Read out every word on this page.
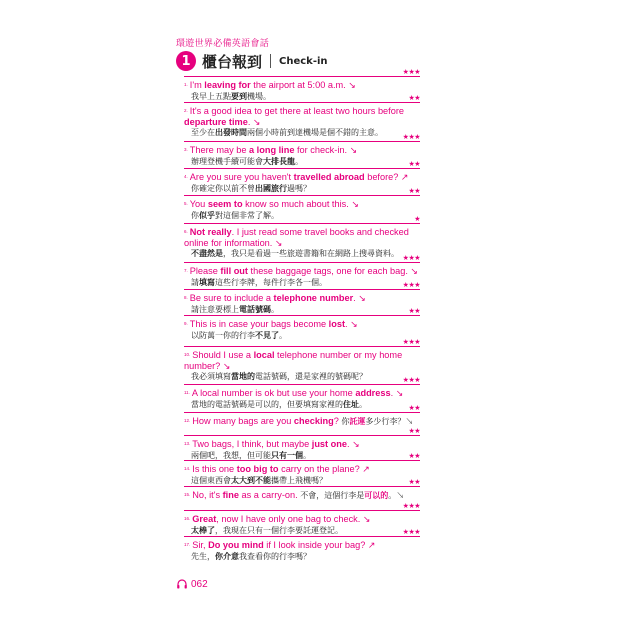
環遊世界必備英語會話
1 櫃台報到 Check-in
★★★
$^{1.}$ I'm leaving for the airport at 5:00 a.m. ↘
我早上五點要到機場。	★★
$^{2.}$ It's a good idea to get there at least two hours before departure time. ↘
至少在出發時間兩個小時前到達機場是個不錯的主意。	★★★
$^{3.}$ There may be a long line for check-in. ↘
辦理登機手續可能會大排長龍。	★★
$^{4.}$ Are you sure you haven't travelled abroad before? ↗
你確定你以前不曾出國旅行過嗎？	★★
$^{5.}$ You seem to know so much about this. ↘
你似乎對這個非常了解。	★
$^{6.}$ Not really. I just read some travel books and checked online for information. ↘
不盡然是，我只是看過一些旅遊書籍和在網路上搜尋資料。 ★★★
$^{7.}$ Please fill out these baggage tags, one for each bag. ↘
請填寫這些行李牌，每件行李各一個。	★★★
$^{8.}$ Be sure to include a telephone number. ↘
請注意要標上電話號碼。	★★
$^{9.}$ This is in case your bags become lost. ↘
以防萬一你的行李不見了。
★★★
$^{10.}$ Should I use a local telephone number or my home number? ↘
我必須填寫當地的電話號碼，還是家裡的號碼呢？	★★★
$^{11.}$ A local number is ok but use your home address. ↘
當地的電話號碼是可以的，但要填寫家裡的住址。	★★
$^{12.}$ How many bags are you checking? 你託運多少行李？↘
★★
$^{13.}$ Two bags, I think, but maybe just one. ↘
兩個吧，我想，但可能只有一個。	★★
$^{14.}$ Is this one too big to carry on the plane? ↗
這個東西會太大到不能攜帶上飛機嗎？	★★
$^{15.}$ No, it's fine as a carry-on. 不會，這個行李是可以的。↘
★★★
$^{16.}$ Great, now I have only one bag to check. ↘
太棒了，我現在只有一個行李要託運登記。	★★★
$^{17.}$ Sir, Do you mind if I look inside your bag? ↗
先生，你介意我查看你的行李嗎？
062
